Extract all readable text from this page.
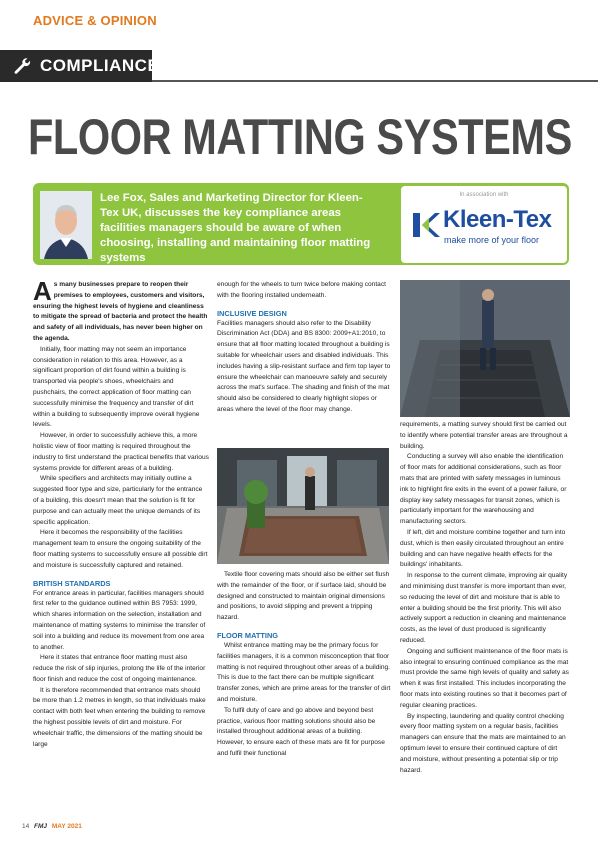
ADVICE & OPINION
COMPLIANCE
FLOOR MATTING SYSTEMS
Lee Fox, Sales and Marketing Director for Kleen-Tex UK, discusses the key compliance areas facilities managers should be aware of when choosing, installing and maintaining floor matting systems
In association with
Kleen-Tex
make more of your floor

As many businesses prepare to reopen their premises to employees, customers and visitors, ensuring the highest levels of hygiene and cleanliness to mitigate the spread of bacteria and protect the health and safety of all individuals, has never been higher on the agenda.

Initially, floor matting may not seem an importance consideration in relation to this area. However, as a significant proportion of dirt found within a building is transported via people's shoes, wheelchairs and pushchairs, the correct application of floor matting can successfully minimise the frequency and transfer of dirt within a building to subsequently improve overall hygiene levels.

However, in order to successfully achieve this, a more holistic view of floor matting is required throughout the industry to first understand the practical benefits that various systems provide for different areas of a building.

While specifiers and architects may initially outline a suggested floor type and size, particularly for the entrance of a building, this doesn't mean that the solution is fit for purpose and can actually meet the unique demands of its specific application.

Here it becomes the responsibility of the facilities management team to ensure the ongoing suitability of the floor matting systems to successfully ensure all possible dirt and moisture is successfully captured and retained.

BRITISH STANDARDS

For entrance areas in particular, facilities managers should first refer to the guidance outlined within BS 7953: 1999, which shares information on the selection, installation and maintenance of matting systems to minimise the transfer of soil into a building and reduce its movement from one area to another.

Here it states that entrance floor matting must also reduce the risk of slip injuries, prolong the life of the interior floor finish and reduce the cost of ongoing maintenance.

It is therefore recommended that entrance mats should be more than 1.2 metres in length, so that individuals make contact with both feet when entering the building to remove the highest possible levels of dirt and moisture. For wheelchair traffic, the dimensions of the matting should be large

enough for the wheels to turn twice before making contact with the flooring installed underneath.

INCLUSIVE DESIGN

Facilities managers should also refer to the Disability Discrimination Act (DDA) and BS 8300: 2009+A1:2010, to ensure that all floor matting located throughout a building is suitable for wheelchair users and disabled individuals. This includes having a slip-resistant surface and firm top layer to ensure the wheelchair can manoeuvre safely and securely across the mat's surface. The shading and finish of the mat should also be considered to clearly highlight slopes or areas where the level of the floor may change.

Textile floor covering mats should also be either set flush with the remainder of the floor, or if surface laid, should be designed and constructed to maintain original dimensions and positions, to avoid slipping and prevent a tripping hazard.

FLOOR MATTING

Whilst entrance matting may be the primary focus for facilities managers, it is a common misconception that floor matting is not required throughout other areas of a building. This is due to the fact there can be multiple significant transfer zones, which are prime areas for the transfer of dirt and moisture.

To fulfil duty of care and go above and beyond best practice, various floor matting solutions should also be installed throughout additional areas of a building. However, to ensure each of these mats are fit for purpose and fulfil their functional

requirements, a matting survey should first be carried out to identify where potential transfer areas are throughout a building.

Conducting a survey will also enable the identification of floor mats for additional considerations, such as floor mats that are printed with safety messages in luminous ink to highlight fire exits in the event of a power failure, or display key safety messages for transit zones, which is particularly important for the warehousing and manufacturing sectors.

If left, dirt and moisture combine together and turn into dust, which is then easily circulated throughout an entire building and can have negative health effects for the buildings' inhabitants.

In response to the current climate, improving air quality and minimising dust transfer is more important than ever, so reducing the level of dirt and moisture that is able to enter a building should be the first priority. This will also actively support a reduction in cleaning and maintenance costs, as the level of dust produced is significantly reduced.

Ongoing and sufficient maintenance of the floor mats is also integral to ensuring continued compliance as the mat must provide the same high levels of quality and safety as when it was first installed. This includes incorporating the floor mats into existing routines so that it becomes part of regular cleaning practices.

By inspecting, laundering and quality control checking every floor matting system on a regular basis, facilities managers can ensure that the mats are maintained to an optimum level to ensure their continued capture of dirt and moisture, without presenting a potential slip or trip hazard.

14 FMJ MAY 2021
